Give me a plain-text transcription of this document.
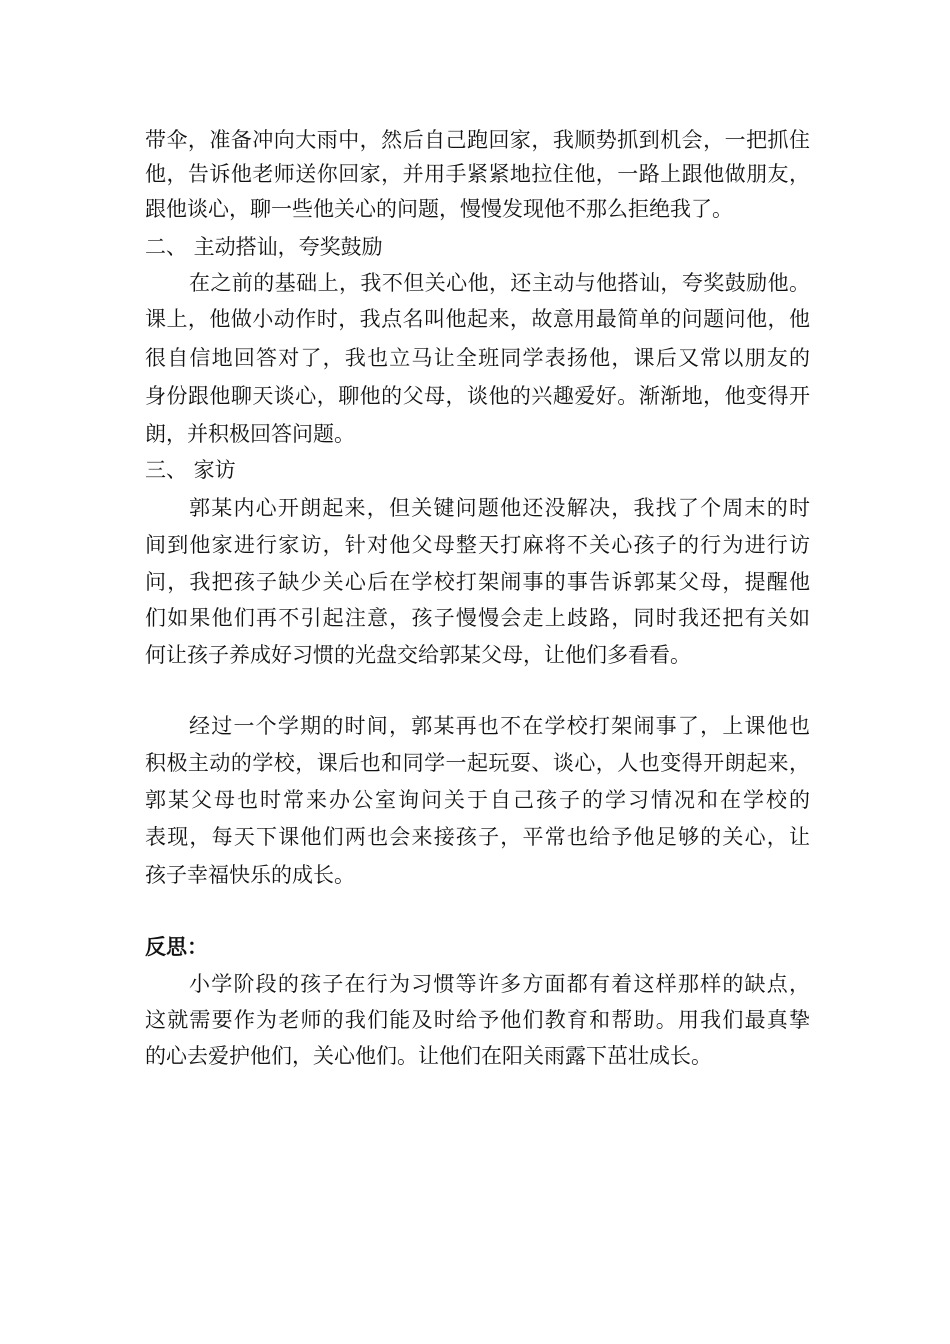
带伞，准备冲向大雨中，然后自己跑回家，我顺势抓到机会，一把抓住
他，告诉他老师送你回家，并用手紧紧地拉住他，一路上跟他做朋友，
跟他谈心，聊一些他关心的问题，慢慢发现他不那么拒绝我了。
二、 主动搭讪，夸奖鼓励
在之前的基础上，我不但关心他，还主动与他搭讪，夸奖鼓励他。
课上，他做小动作时，我点名叫他起来，故意用最简单的问题问他，他
很自信地回答对了，我也立马让全班同学表扬他，课后又常以朋友的
身份跟他聊天谈心，聊他的父母，谈他的兴趣爱好。渐渐地，他变得开
朗，并积极回答问题。
三、 家访
郭某内心开朗起来，但关键问题他还没解决，我找了个周末的时
间到他家进行家访，针对他父母整天打麻将不关心孩子的行为进行访
问，我把孩子缺少关心后在学校打架闹事的事告诉郭某父母，提醒他
们如果他们再不引起注意，孩子慢慢会走上歧路，同时我还把有关如
何让孩子养成好习惯的光盘交给郭某父母，让他们多看看。
经过一个学期的时间，郭某再也不在学校打架闹事了，上课他也
积极主动的学校，课后也和同学一起玩耍、谈心，人也变得开朗起来，
郭某父母也时常来办公室询问关于自己孩子的学习情况和在学校的
表现，每天下课他们两也会来接孩子，平常也给予他足够的关心，让
孩子幸福快乐的成长。
反思：
小学阶段的孩子在行为习惯等许多方面都有着这样那样的缺点，
这就需要作为老师的我们能及时给予他们教育和帮助。用我们最真挚
的心去爱护他们，关心他们。让他们在阳关雨露下茁壮成长。
